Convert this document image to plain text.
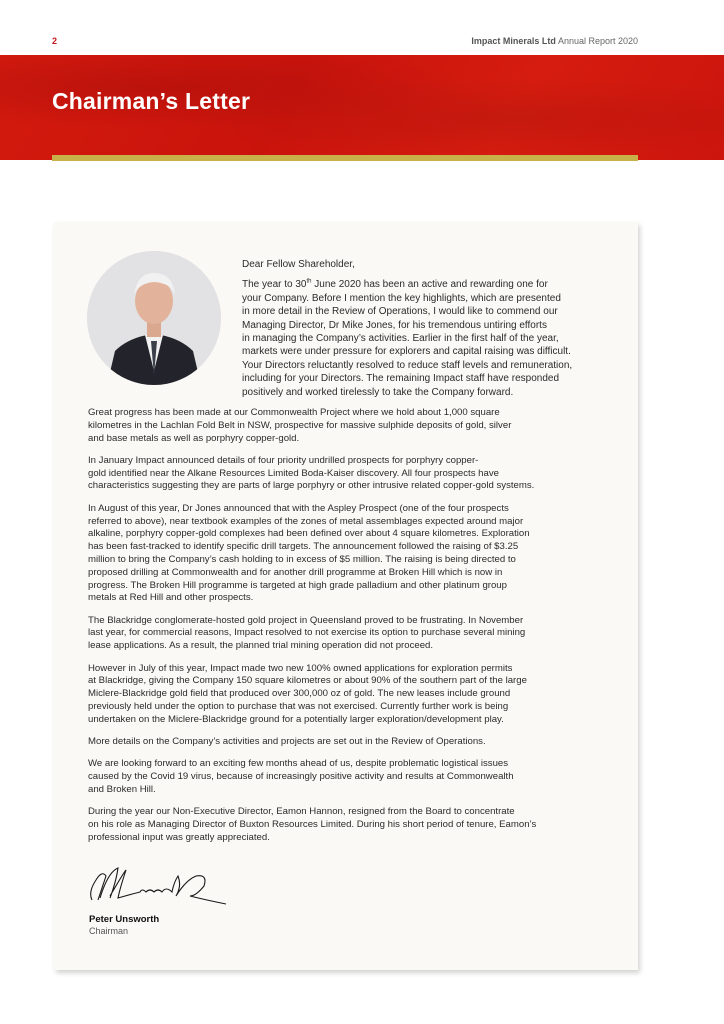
2	Impact Minerals Ltd Annual Report 2020
Chairman’s Letter
Dear Fellow Shareholder,
The year to 30th June 2020 has been an active and rewarding one for
your Company. Before I mention the key highlights, which are presented
in more detail in the Review of Operations, I would like to commend our
Managing Director, Dr Mike Jones, for his tremendous untiring efforts
in managing the Company’s activities. Earlier in the first half of the year,
markets were under pressure for explorers and capital raising was difficult.
Your Directors reluctantly resolved to reduce staff levels and remuneration,
including for your Directors. The remaining Impact staff have responded
positively and worked tirelessly to take the Company forward.
Great progress has been made at our Commonwealth Project where we hold about 1,000 square
kilometres in the Lachlan Fold Belt in NSW, prospective for massive sulphide deposits of gold, silver
and base metals as well as porphyry copper-gold.
In January Impact announced details of four priority undrilled prospects for porphyry copper-
gold identified near the Alkane Resources Limited Boda-Kaiser discovery. All four prospects have
characteristics suggesting they are parts of large porphyry or other intrusive related copper-gold systems.
In August of this year, Dr Jones announced that with the Aspley Prospect (one of the four prospects
referred to above), near textbook examples of the zones of metal assemblages expected around major
alkaline, porphyry copper-gold complexes had been defined over about 4 square kilometres. Exploration
has been fast-tracked to identify specific drill targets. The announcement followed the raising of $3.25
million to bring the Company’s cash holding to in excess of $5 million. The raising is being directed to
proposed drilling at Commonwealth and for another drill programme at Broken Hill which is now in
progress. The Broken Hill programme is targeted at high grade palladium and other platinum group
metals at Red Hill and other prospects.
The Blackridge conglomerate-hosted gold project in Queensland proved to be frustrating. In November
last year, for commercial reasons, Impact resolved to not exercise its option to purchase several mining
lease applications. As a result, the planned trial mining operation did not proceed.
However in July of this year, Impact made two new 100% owned applications for exploration permits
at Blackridge, giving the Company 150 square kilometres or about 90% of the southern part of the large
Miclere-Blackridge gold field that produced over 300,000 oz of gold. The new leases include ground
previously held under the option to purchase that was not exercised. Currently further work is being
undertaken on the Miclere-Blackridge ground for a potentially larger exploration/development play.
More details on the Company’s activities and projects are set out in the Review of Operations.
We are looking forward to an exciting few months ahead of us, despite problematic logistical issues
caused by the Covid 19 virus, because of increasingly positive activity and results at Commonwealth
and Broken Hill.
During the year our Non-Executive Director, Eamon Hannon, resigned from the Board to concentrate
on his role as Managing Director of Buxton Resources Limited. During his short period of tenure, Eamon’s
professional input was greatly appreciated.
Peter Unsworth
Chairman
